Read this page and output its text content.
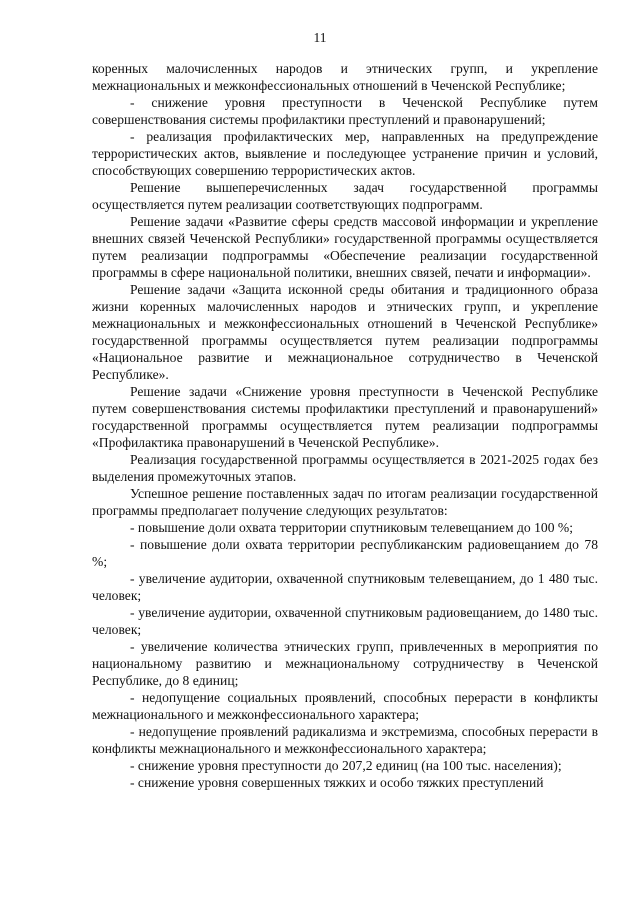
11

коренных малочисленных народов и этнических групп, и укрепление межнациональных и межконфессиональных отношений в Чеченской Республике;

- снижение уровня преступности в Чеченской Республике путем совершенствования системы профилактики преступлений и правонарушений;

- реализация профилактических мер, направленных на предупреждение террористических актов, выявление и последующее устранение причин и условий, способствующих совершению террористических актов.

Решение вышеперечисленных задач государственной программы осуществляется путем реализации соответствующих подпрограмм.

Решение задачи «Развитие сферы средств массовой информации и укрепление внешних связей Чеченской Республики» государственной программы осуществляется путем реализации подпрограммы «Обеспечение реализации государственной программы в сфере национальной политики, внешних связей, печати и информации».

Решение задачи «Защита исконной среды обитания и традиционного образа жизни коренных малочисленных народов и этнических групп, и укрепление межнациональных и межконфессиональных отношений в Чеченской Республике» государственной программы осуществляется путем реализации подпрограммы «Национальное развитие и межнациональное сотрудничество в Чеченской Республике».

Решение задачи «Снижение уровня преступности в Чеченской Республике путем совершенствования системы профилактики преступлений и правонарушений» государственной программы осуществляется путем реализации подпрограммы «Профилактика правонарушений в Чеченской Республике».

Реализация государственной программы осуществляется в 2021-2025 годах без выделения промежуточных этапов.

Успешное решение поставленных задач по итогам реализации государственной программы предполагает получение следующих результатов:

- повышение доли охвата территории спутниковым телевещанием до 100 %;

- повышение доли охвата территории республиканским радиовещанием до 78 %;

- увеличение аудитории, охваченной спутниковым телевещанием, до 1 480 тыс. человек;

- увеличение аудитории, охваченной спутниковым радиовещанием, до 1480 тыс. человек;

- увеличение количества этнических групп, привлеченных в мероприятия по национальному развитию и межнациональному сотрудничеству в Чеченской Республике, до 8 единиц;

- недопущение социальных проявлений, способных перерасти в конфликты межнационального и межконфессионального характера;

- недопущение проявлений радикализма и экстремизма, способных перерасти в конфликты межнационального и межконфессионального характера;

- снижение уровня преступности до 207,2 единиц (на 100 тыс. населения);

- снижение уровня совершенных тяжких и особо тяжких преступлений
